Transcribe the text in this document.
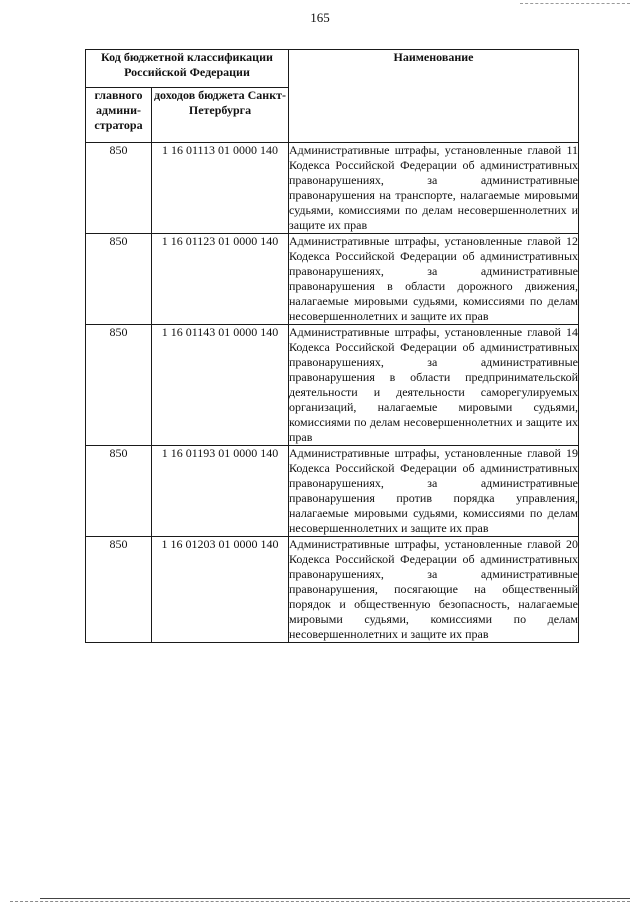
165
Код бюджетной классификации Российской Федерации		Наименование
главного админи-стратора	доходов бюджета Санкт-Петербурга	
850	1 16 01113 01 0000 140	Административные штрафы, установленные главой 11 Кодекса Российской Федерации об административных правонарушениях, за административные правонарушения на транспорте, налагаемые мировыми судьями, комиссиями по делам несовершеннолетних и защите их прав
850	1 16 01123 01 0000 140	Административные штрафы, установленные главой 12 Кодекса Российской Федерации об административных правонарушениях, за административные правонарушения в области дорожного движения, налагаемые мировыми судьями, комиссиями по делам несовершеннолетних и защите их прав
850	1 16 01143 01 0000 140	Административные штрафы, установленные главой 14 Кодекса Российской Федерации об административных правонарушениях, за административные правонарушения в области предпринимательской деятельности и деятельности саморегулируемых организаций, налагаемые мировыми судьями, комиссиями по делам несовершеннолетних и защите их прав
850	1 16 01193 01 0000 140	Административные штрафы, установленные главой 19 Кодекса Российской Федерации об административных правонарушениях, за административные правонарушения против порядка управления, налагаемые мировыми судьями, комиссиями по делам несовершеннолетних и защите их прав
850	1 16 01203 01 0000 140	Административные штрафы, установленные главой 20 Кодекса Российской Федерации об административных правонарушениях, за административные правонарушения, посягающие на общественный порядок и общественную безопасность, налагаемые мировыми судьями, комиссиями по делам несовершеннолетних и защите их прав
